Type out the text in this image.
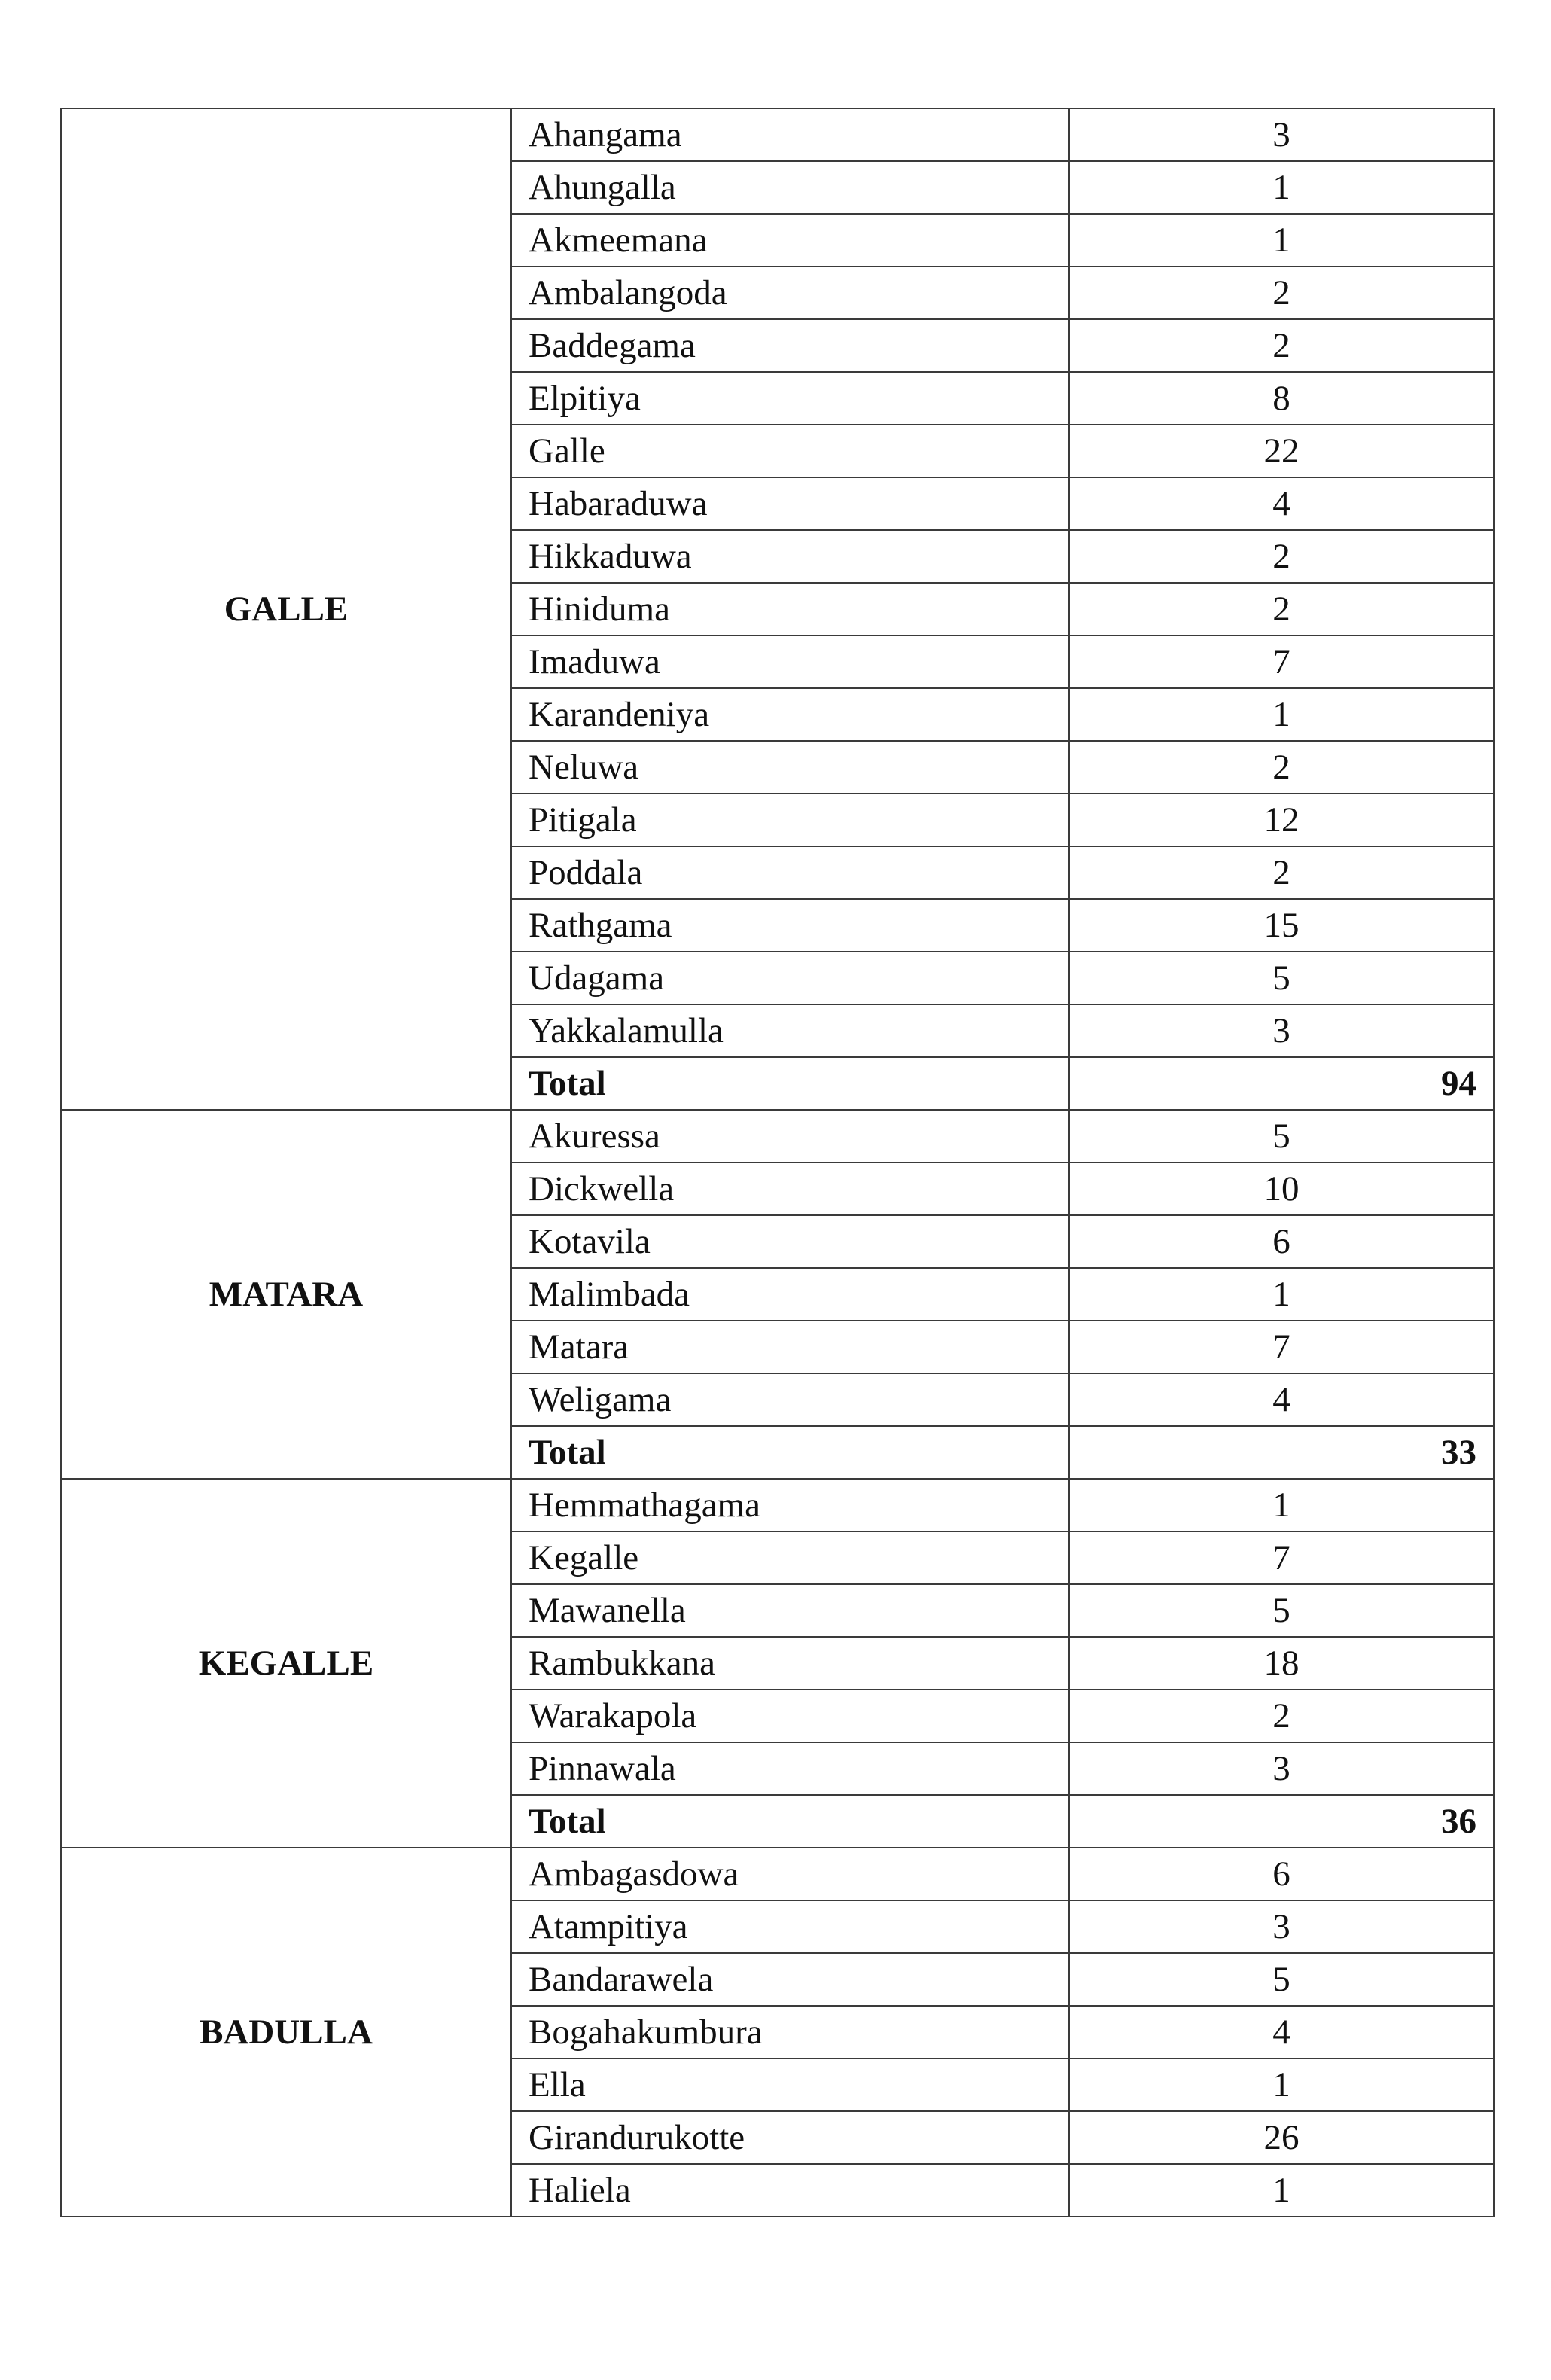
GALLE	Ahangama	3
	Ahungalla	1
	Akmeemana	1
	Ambalangoda	2
	Baddegama	2
	Elpitiya	8
	Galle	22
	Habaraduwa	4
	Hikkaduwa	2
	Hiniduma	2
	Imaduwa	7
	Karandeniya	1
	Neluwa	2
	Pitigala	12
	Poddala	2
	Rathgama	15
	Udagama	5
	Yakkalamulla	3
	Total	94
MATARA	Akuressa	5
	Dickwella	10
	Kotavila	6
	Malimbada	1
	Matara	7
	Weligama	4
	Total	33
KEGALLE	Hemmathagama	1
	Kegalle	7
	Mawanella	5
	Rambukkana	18
	Warakapola	2
	Pinnawala	3
	Total	36
BADULLA	Ambagasdowa	6
	Atampitiya	3
	Bandarawela	5
	Bogahakumbura	4
	Ella	1
	Girandurukotte	26
	Haliela	1
